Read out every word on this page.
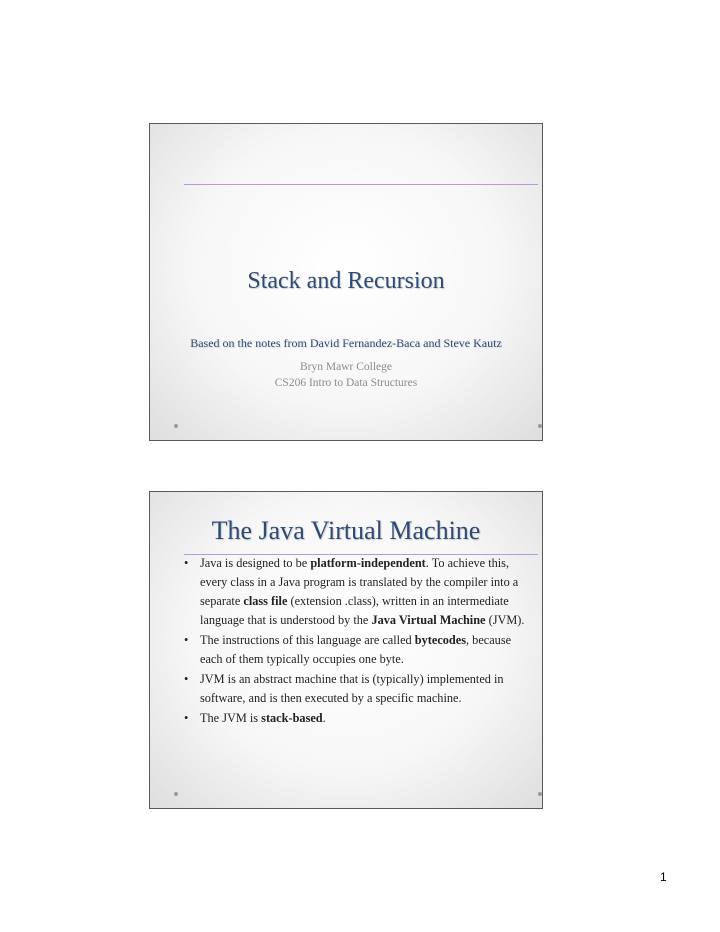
Stack and Recursion
Based on the notes from David Fernandez-Baca and Steve Kautz
Bryn Mawr College
CS206 Intro to Data Structures
The Java Virtual Machine
• Java is designed to be platform-independent. To achieve this, every class in a Java program is translated by the compiler into a separate class file (extension .class), written in an intermediate language that is understood by the Java Virtual Machine (JVM).
• The instructions of this language are called bytecodes, because each of them typically occupies one byte.
• JVM is an abstract machine that is (typically) implemented in software, and is then executed by a specific machine.
• The JVM is stack-based.
1
